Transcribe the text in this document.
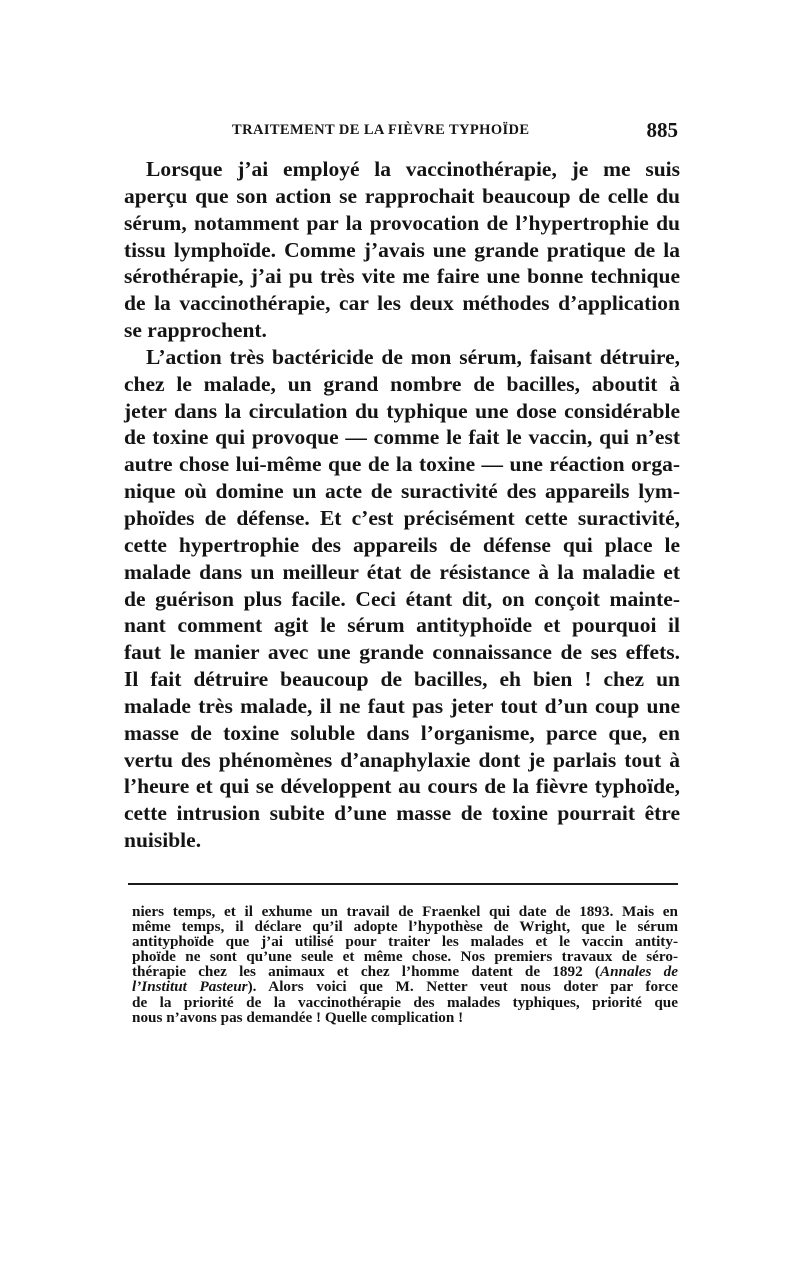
TRAITEMENT DE LA FIÈVRE TYPHOÏDE	885
Lorsque j’ai employé la vaccinothérapie, je me suis
aperçu que son action se rapprochait beaucoup de celle du
sérum, notamment par la provocation de l’hypertrophie du
tissu lymphoïde. Comme j’avais une grande pratique de la
sérothérapie, j’ai pu très vite me faire une bonne technique
de la vaccinothérapie, car les deux méthodes d’application
se rapprochent.
L’action très bactéricide de mon sérum, faisant détruire,
chez le malade, un grand nombre de bacilles, aboutit à
jeter dans la circulation du typhique une dose considérable
de toxine qui provoque — comme le fait le vaccin, qui n’est
autre chose lui-même que de la toxine — une réaction orga-
nique où domine un acte de suractivité des appareils lym-
phoïdes de défense. Et c’est précisément cette suractivité,
cette hypertrophie des appareils de défense qui place le
malade dans un meilleur état de résistance à la maladie et
de guérison plus facile. Ceci étant dit, on conçoit mainte-
nant comment agit le sérum antityphoïde et pourquoi il
faut le manier avec une grande connaissance de ses effets.
Il fait détruire beaucoup de bacilles, eh bien ! chez un
malade très malade, il ne faut pas jeter tout d’un coup une
masse de toxine soluble dans l’organisme, parce que, en
vertu des phénomènes d’anaphylaxie dont je parlais tout à
l’heure et qui se développent au cours de la fièvre typhoïde,
cette intrusion subite d’une masse de toxine pourrait être
nuisible.
niers temps, et il exhume un travail de Fraenkel qui date de 1893. Mais en
même temps, il déclare qu’il adopte l’hypothèse de Wright, que le sérum
antityphoïde que j’ai utilisé pour traiter les malades et le vaccin antity-
phoïde ne sont qu’une seule et même chose. Nos premiers travaux de séro-
thérapie chez les animaux et chez l’homme datent de 1892 (Annales de
l’Institut Pasteur). Alors voici que M. Netter veut nous doter par force
de la priorité de la vaccinothérapie des malades typhiques, priorité que
nous n’avons pas demandée ! Quelle complication !
